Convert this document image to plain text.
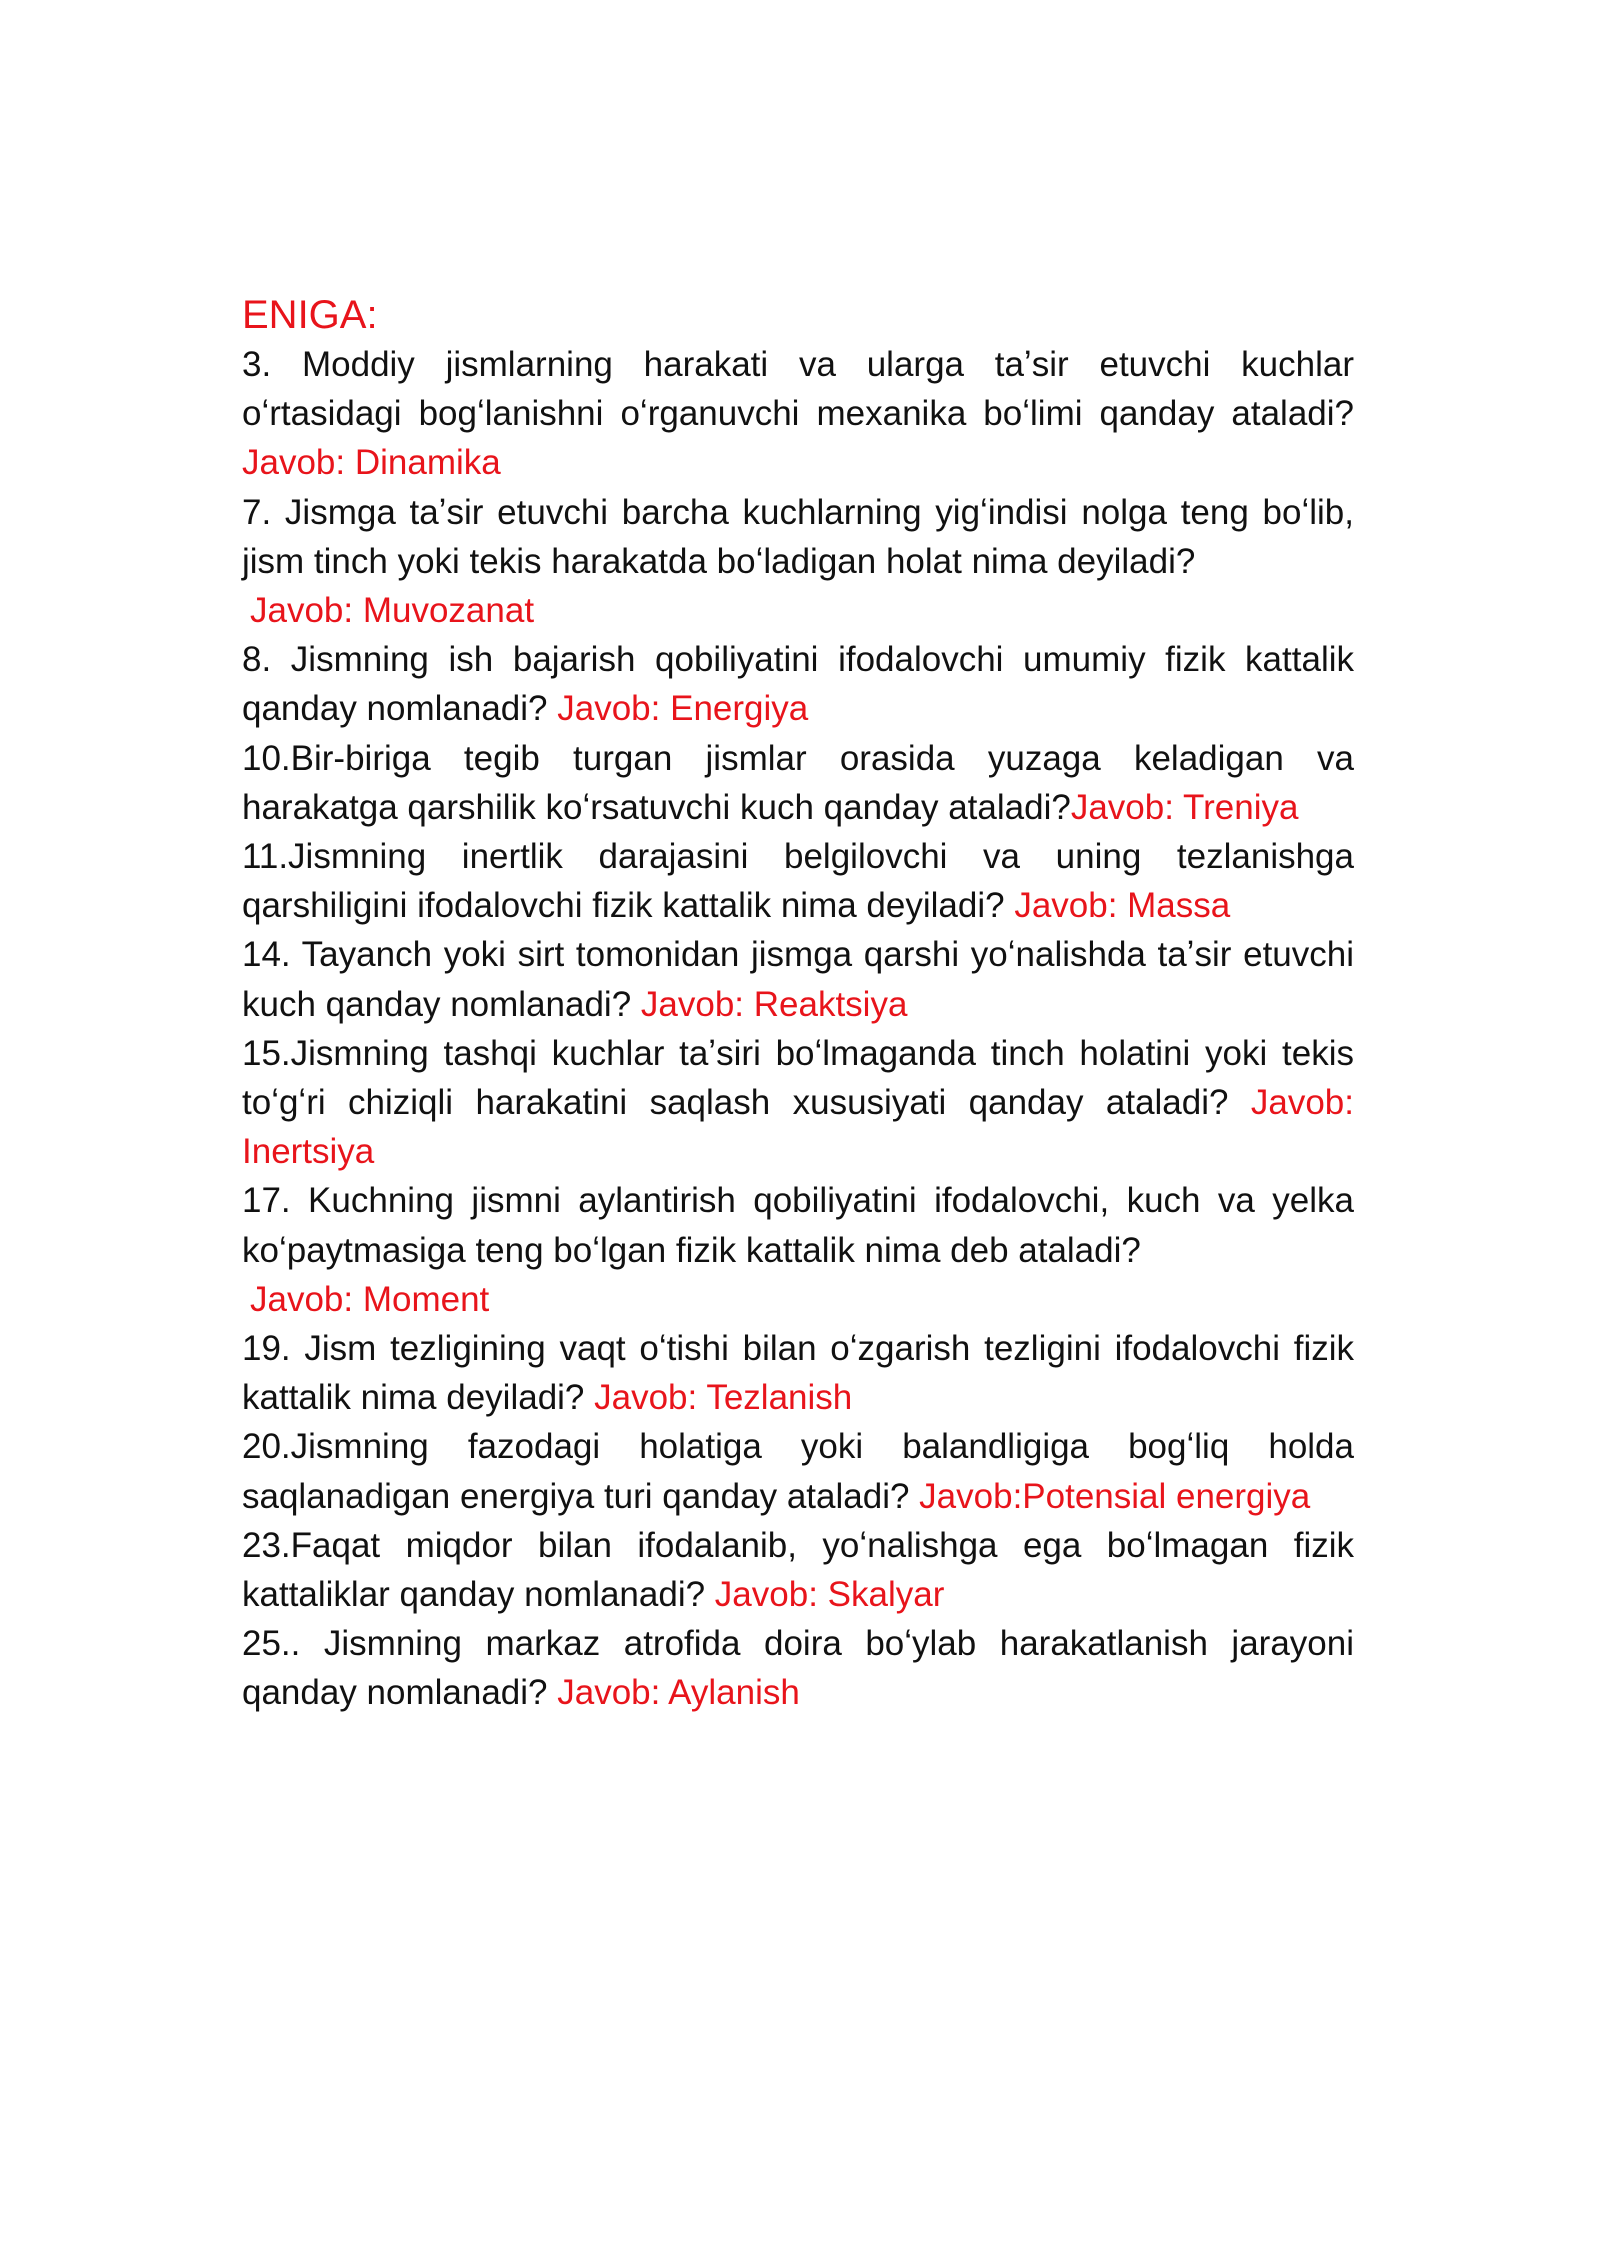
ENIGA:

3. Moddiy jismlarning harakati va ularga taʼsir etuvchi kuchlar oʻrtasidagi bogʻlanishni oʻrganuvchi mexanika boʻlimi qanday ataladi? Javob: Dinamika

7. Jismga taʼsir etuvchi barcha kuchlarning yigʻindisi nolga teng boʻlib, jism tinch yoki tekis harakatda boʻladigan holat nima deyiladi?
Javob: Muvozanat

8. Jismning ish bajarish qobiliyatini ifodalovchi umumiy fizik kattalik qanday nomlanadi? Javob: Energiya

10.Bir-biriga tegib turgan jismlar orasida yuzaga keladigan va harakatga qarshilik koʻrsatuvchi kuch qanday ataladi?Javob: Treniya

11.Jismning inertlik darajasini belgilovchi va uning tezlanishga qarshiligini ifodalovchi fizik kattalik nima deyiladi? Javob: Massa

14. Tayanch yoki sirt tomonidan jismga qarshi yoʻnalishda taʼsir etuvchi kuch qanday nomlanadi? Javob: Reaktsiya

15.Jismning tashqi kuchlar taʼsiri boʻlmaganda tinch holatini yoki tekis toʻgʻri chiziqli harakatini saqlash xususiyati qanday ataladi? Javob: Inertsiya

17. Kuchning jismni aylantirish qobiliyatini ifodalovchi, kuch va yelka koʻpaytmasiga teng boʻlgan fizik kattalik nima deb ataladi?
Javob: Moment

19. Jism tezligining vaqt oʻtishi bilan oʻzgarish tezligini ifodalovchi fizik kattalik nima deyiladi? Javob: Tezlanish

20.Jismning fazodagi holatiga yoki balandligiga bogʻliq holda saqlanadigan energiya turi qanday ataladi? Javob:Potensial energiya

23.Faqat miqdor bilan ifodalanib, yoʻnalishga ega boʻlmagan fizik kattaliklar qanday nomlanadi? Javob: Skalyar

25.. Jismning markaz atrofida doira boʻylab harakatlanish jarayoni qanday nomlanadi? Javob: Aylanish
